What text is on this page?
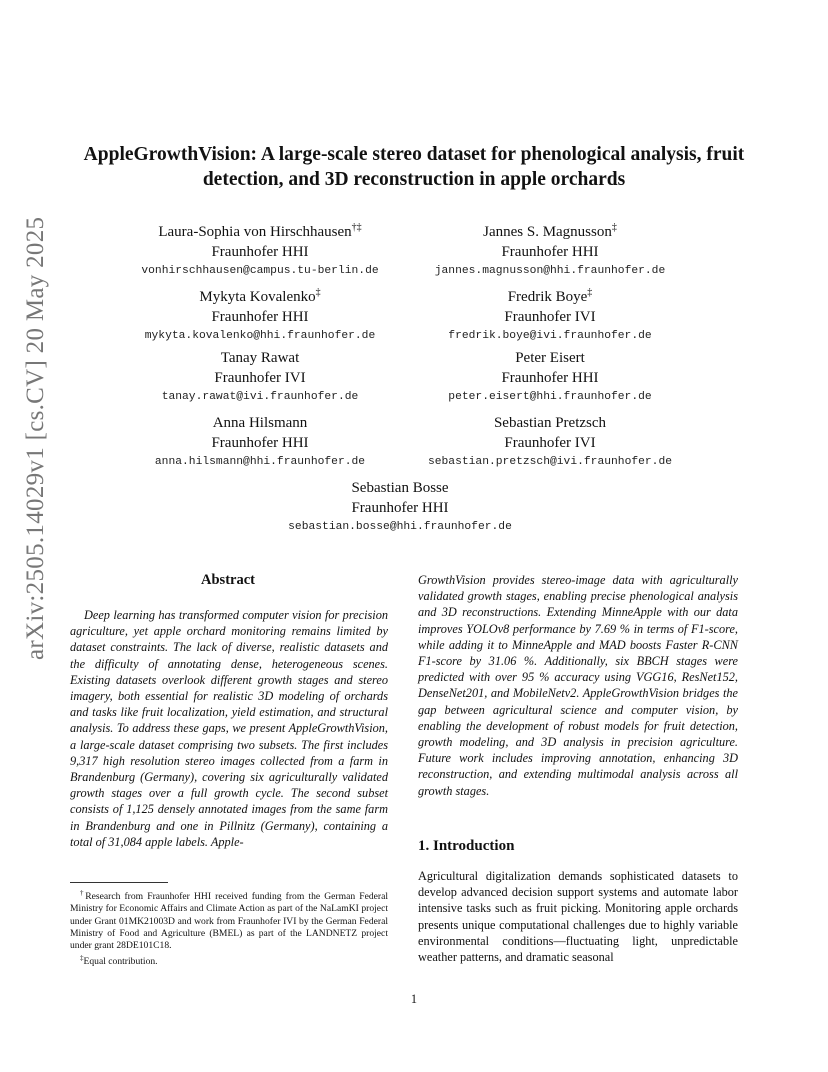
arXiv:2505.14029v1 [cs.CV] 20 May 2025
AppleGrowthVision: A large-scale stereo dataset for phenological analysis, fruit
detection, and 3D reconstruction in apple orchards
Laura-Sophia von Hirschhausen†‡
Fraunhofer HHI
vonhirschhausen@campus.tu-berlin.de
Jannes S. Magnusson‡
Fraunhofer HHI
jannes.magnusson@hhi.fraunhofer.de
Mykyta Kovalenko‡
Fraunhofer HHI
mykyta.kovalenko@hhi.fraunhofer.de
Fredrik Boye‡
Fraunhofer IVI
fredrik.boye@ivi.fraunhofer.de
Tanay Rawat
Fraunhofer IVI
tanay.rawat@ivi.fraunhofer.de
Peter Eisert
Fraunhofer HHI
peter.eisert@hhi.fraunhofer.de
Anna Hilsmann
Fraunhofer HHI
anna.hilsmann@hhi.fraunhofer.de
Sebastian Pretzsch
Fraunhofer IVI
sebastian.pretzsch@ivi.fraunhofer.de
Sebastian Bosse
Fraunhofer HHI
sebastian.bosse@hhi.fraunhofer.de
Abstract
Deep learning has transformed computer vision for precision agriculture, yet apple orchard monitoring remains limited by dataset constraints. The lack of diverse, realistic datasets and the difficulty of annotating dense, heterogeneous scenes. Existing datasets overlook different growth stages and stereo imagery, both essential for realistic 3D modeling of orchards and tasks like fruit localization, yield estimation, and structural analysis. To address these gaps, we present AppleGrowthVision, a large-scale dataset comprising two subsets. The first includes 9,317 high resolution stereo images collected from a farm in Brandenburg (Germany), covering six agriculturally validated growth stages over a full growth cycle. The second subset consists of 1,125 densely annotated images from the same farm in Brandenburg and one in Pillnitz (Germany), containing a total of 31,084 apple labels. Apple-
GrowthVision provides stereo-image data with agriculturally validated growth stages, enabling precise phenological analysis and 3D reconstructions. Extending MinneApple with our data improves YOLOv8 performance by 7.69 % in terms of F1-score, while adding it to MinneApple and MAD boosts Faster R-CNN F1-score by 31.06 %. Additionally, six BBCH stages were predicted with over 95 % accuracy using VGG16, ResNet152, DenseNet201, and MobileNetv2. AppleGrowthVision bridges the gap between agricultural science and computer vision, by enabling the development of robust models for fruit detection, growth modeling, and 3D analysis in precision agriculture. Future work includes improving annotation, enhancing 3D reconstruction, and extending multimodal analysis across all growth stages.
1. Introduction
Agricultural digitalization demands sophisticated datasets to develop advanced decision support systems and automate labor intensive tasks such as fruit picking. Monitoring apple orchards presents unique computational challenges due to highly variable environmental conditions—fluctuating light, unpredictable weather patterns, and dramatic seasonal

†Research from Fraunhofer HHI received funding from the German Federal Ministry for Economic Affairs and Climate Action as part of the NaLamKI project under Grant 01MK21003D and work from Fraunhofer IVI by the German Federal Ministry of Food and Agriculture (BMEL) as part of the LANDNETZ project under grant 28DE101C18.

‡Equal contribution.

1
